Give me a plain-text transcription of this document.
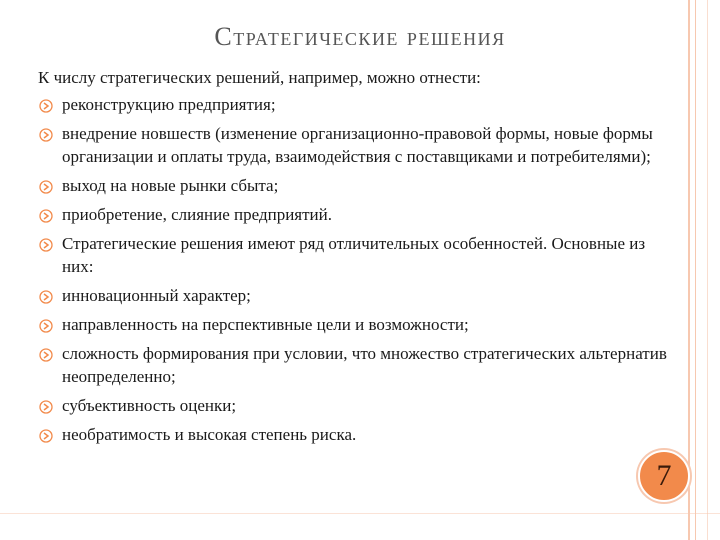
Стратегические решения

К числу стратегических решений, например, можно отнести:

реконструкцию предприятия;
внедрение новшеств (изменение организационно-правовой формы, новые формы организации и оплаты труда, взаимодействия с поставщиками и потребителями);
выход на новые рынки сбыта;
приобретение, слияние предприятий.
Стратегические решения имеют ряд отличительных особенностей. Основные из них:
инновационный характер;
направленность на перспективные цели и возможности;
сложность формирования при условии, что множество стратегических альтернатив неопределенно;
субъективность оценки;
необратимость и высокая степень риска.
7
